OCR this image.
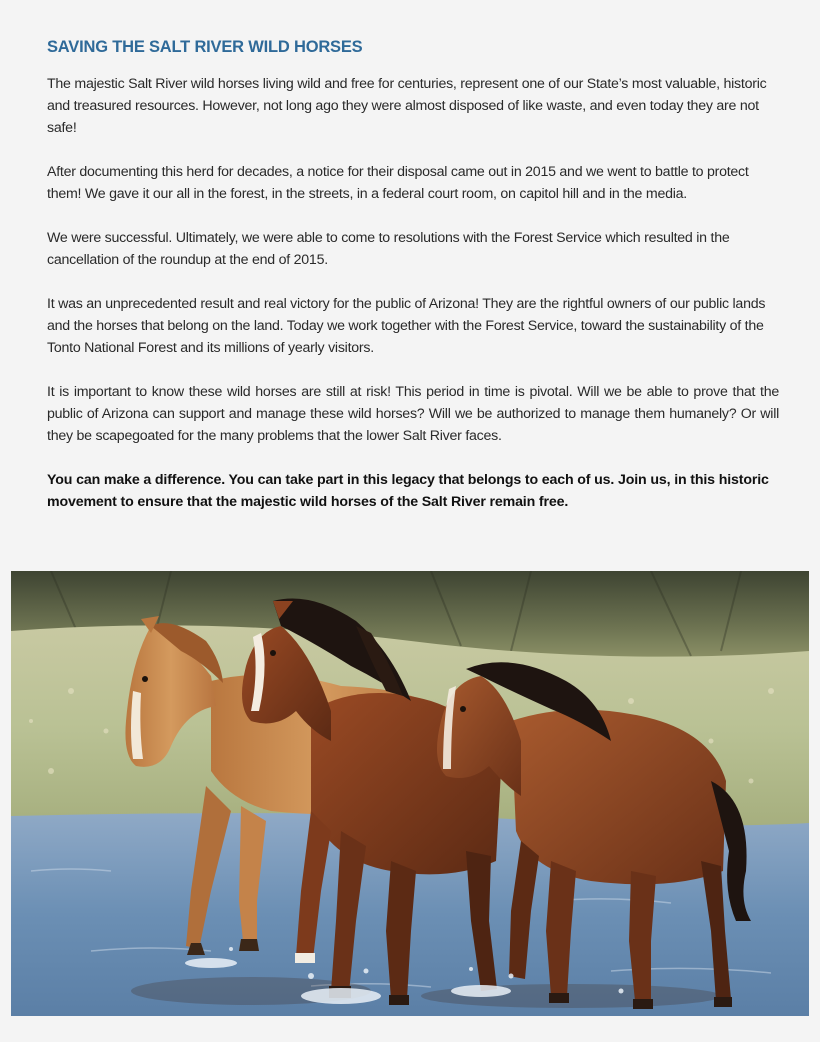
SAVING THE SALT RIVER WILD HORSES

The majestic Salt River wild horses living wild and free for centuries, represent one of our State’s most valuable, historic and treasured resources. However, not long ago they were almost disposed of like waste, and even today they are not safe!

After documenting this herd for decades, a notice for their disposal came out in 2015 and we went to battle to protect them! We gave it our all in the forest, in the streets, in a federal court room, on capitol hill and in the media.

We were successful. Ultimately, we were able to come to resolutions with the Forest Service which resulted in the cancellation of the roundup at the end of 2015.

It was an unprecedented result and real victory for the public of Arizona! They are the rightful owners of our public lands and the horses that belong on the land. Today we work together with the Forest Service, toward the sustainability of the Tonto National Forest and its millions of yearly visitors.

It is important to know these wild horses are still at risk! This period in time is pivotal. Will we be able to prove that the public of Arizona can support and manage these wild horses? Will we be authorized to manage them humanely? Or will they be scapegoated for the many problems that the lower Salt River faces.

You can make a difference. You can take part in this legacy that belongs to each of us. Join us, in this historic movement to ensure that the majestic wild horses of the Salt River remain free.
